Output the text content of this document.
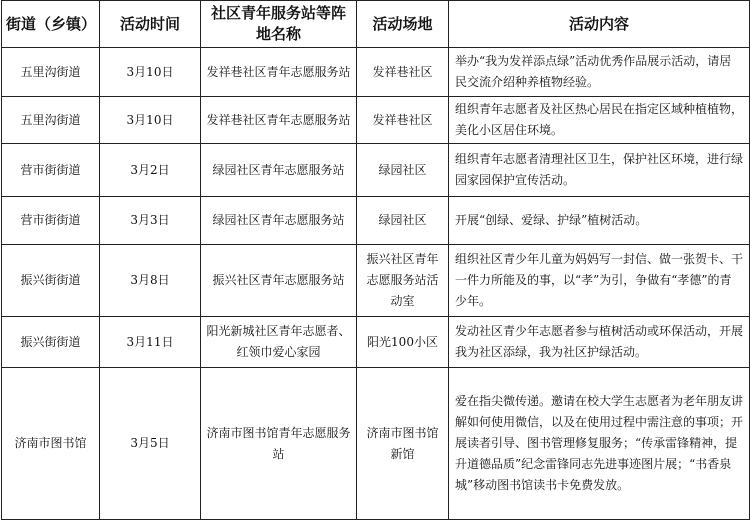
街道（乡镇）	活动时间	社区青年服务站等阵地名称	活动场地	活动内容
五里沟街道	3月10日	发祥巷社区青年志愿服务站	发祥巷社区	举办“我为发祥添点绿”活动优秀作品展示活动，请居民交流介绍种养植物经验。
五里沟街道	3月10日	发祥巷社区青年志愿服务站	发祥巷社区	组织青年志愿者及社区热心居民在指定区域种植植物，美化小区居住环境。
营市街街道	3月2日	绿园社区青年志愿服务站	绿园社区	组织青年志愿者清理社区卫生，保护社区环境，进行绿园家园保护宣传活动。
营市街街道	3月3日	绿园社区青年志愿服务站	绿园社区	开展“创绿、爱绿、护绿”植树活动。
振兴街街道	3月8日	振兴社区青年志愿服务站	振兴社区青年志愿服务站活动室	组织社区青少年儿童为妈妈写一封信、做一张贺卡、干一件力所能及的事，以“孝”为引，争做有“孝德”的青少年。
振兴街街道	3月11日	阳光新城社区青年志愿者、红领巾爱心家园	阳光100小区	发动社区青少年志愿者参与植树活动或环保活动，开展我为社区添绿，我为社区护绿活动。
济南市图书馆	3月5日	济南市图书馆青年志愿服务站	济南市图书馆新馆	爱在指尖微传递。邀请在校大学生志愿者为老年朋友讲解如何使用微信，以及在使用过程中需注意的事项；开展读者引导、图书管理修复服务；“传承雷锋精神，提升道德品质”纪念雷锋同志先进事迹图片展；“书香泉城”移动图书馆读书卡免费发放。
